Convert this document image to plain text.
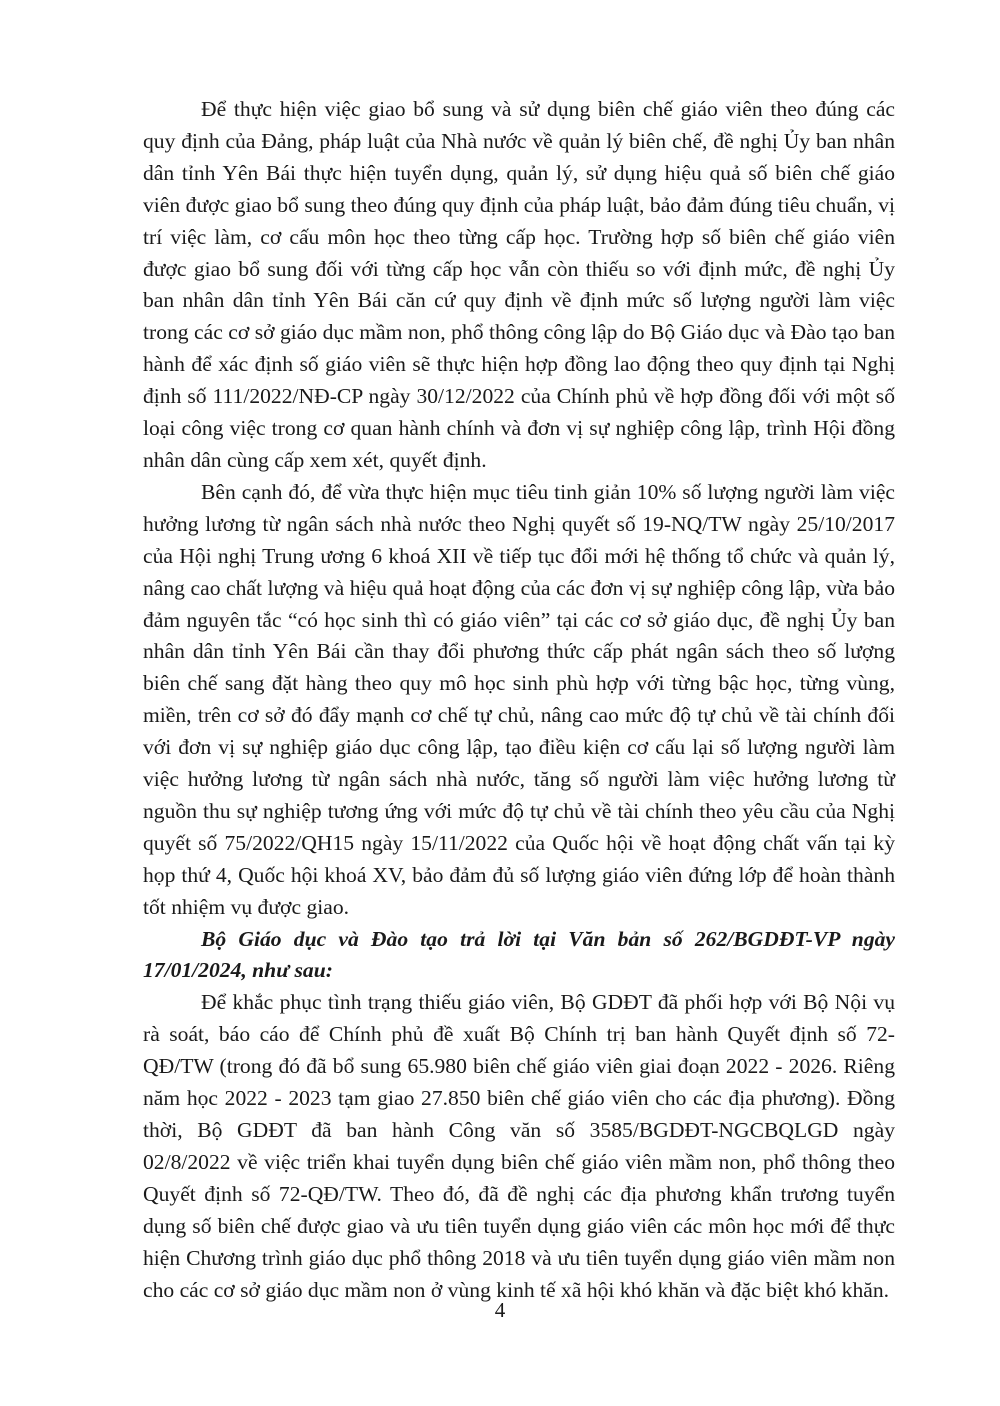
Để thực hiện việc giao bổ sung và sử dụng biên chế giáo viên theo đúng các quy định của Đảng, pháp luật của Nhà nước về quản lý biên chế, đề nghị Ủy ban nhân dân tỉnh Yên Bái thực hiện tuyển dụng, quản lý, sử dụng hiệu quả số biên chế giáo viên được giao bổ sung theo đúng quy định của pháp luật, bảo đảm đúng tiêu chuẩn, vị trí việc làm, cơ cấu môn học theo từng cấp học. Trường hợp số biên chế giáo viên được giao bổ sung đối với từng cấp học vẫn còn thiếu so với định mức, đề nghị Ủy ban nhân dân tỉnh Yên Bái căn cứ quy định về định mức số lượng người làm việc trong các cơ sở giáo dục mầm non, phổ thông công lập do Bộ Giáo dục và Đào tạo ban hành để xác định số giáo viên sẽ thực hiện hợp đồng lao động theo quy định tại Nghị định số 111/2022/NĐ-CP ngày 30/12/2022 của Chính phủ về hợp đồng đối với một số loại công việc trong cơ quan hành chính và đơn vị sự nghiệp công lập, trình Hội đồng nhân dân cùng cấp xem xét, quyết định.

Bên cạnh đó, để vừa thực hiện mục tiêu tinh giản 10% số lượng người làm việc hưởng lương từ ngân sách nhà nước theo Nghị quyết số 19-NQ/TW ngày 25/10/2017 của Hội nghị Trung ương 6 khoá XII về tiếp tục đổi mới hệ thống tổ chức và quản lý, nâng cao chất lượng và hiệu quả hoạt động của các đơn vị sự nghiệp công lập, vừa bảo đảm nguyên tắc “có học sinh thì có giáo viên” tại các cơ sở giáo dục, đề nghị Ủy ban nhân dân tỉnh Yên Bái cần thay đổi phương thức cấp phát ngân sách theo số lượng biên chế sang đặt hàng theo quy mô học sinh phù hợp với từng bậc học, từng vùng, miền, trên cơ sở đó đẩy mạnh cơ chế tự chủ, nâng cao mức độ tự chủ về tài chính đối với đơn vị sự nghiệp giáo dục công lập, tạo điều kiện cơ cấu lại số lượng người làm việc hưởng lương từ ngân sách nhà nước, tăng số người làm việc hưởng lương từ nguồn thu sự nghiệp tương ứng với mức độ tự chủ về tài chính theo yêu cầu của Nghị quyết số 75/2022/QH15 ngày 15/11/2022 của Quốc hội về hoạt động chất vấn tại kỳ họp thứ 4, Quốc hội khoá XV, bảo đảm đủ số lượng giáo viên đứng lớp để hoàn thành tốt nhiệm vụ được giao.

Bộ Giáo dục và Đào tạo trả lời tại Văn bản số 262/BGDĐT-VP ngày 17/01/2024, như sau:

Để khắc phục tình trạng thiếu giáo viên, Bộ GDĐT đã phối hợp với Bộ Nội vụ rà soát, báo cáo để Chính phủ đề xuất Bộ Chính trị ban hành Quyết định số 72-QĐ/TW (trong đó đã bổ sung 65.980 biên chế giáo viên giai đoạn 2022 - 2026. Riêng năm học 2022 - 2023 tạm giao 27.850 biên chế giáo viên cho các địa phương). Đồng thời, Bộ GDĐT đã ban hành Công văn số 3585/BGDĐT-NGCBQLGD ngày 02/8/2022 về việc triển khai tuyển dụng biên chế giáo viên mầm non, phổ thông theo Quyết định số 72-QĐ/TW. Theo đó, đã đề nghị các địa phương khẩn trương tuyển dụng số biên chế được giao và ưu tiên tuyển dụng giáo viên các môn học mới để thực hiện Chương trình giáo dục phổ thông 2018 và ưu tiên tuyển dụng giáo viên mầm non cho các cơ sở giáo dục mầm non ở vùng kinh tế xã hội khó khăn và đặc biệt khó khăn.

4
